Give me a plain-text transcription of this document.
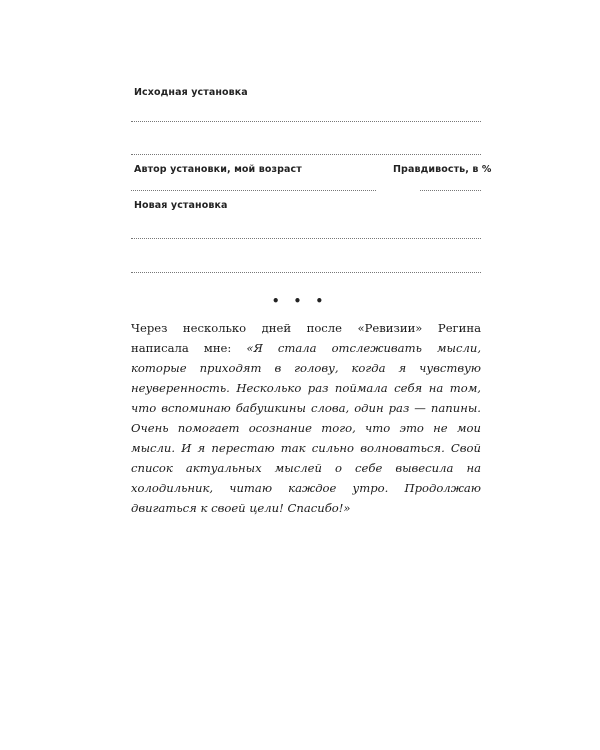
Исходная установка
Автор установки, мой возраст	Правдивость, в %
Новая установка
• • •

Через несколько дней после «Ревизии» Регина написала мне: «Я стала отслеживать мысли, которые приходят в голову, когда я чувствую неуверенность. Несколько раз поймала себя на том, что вспоминаю бабушкины слова, один раз — папины. Очень помогает осознание того, что это не мои мысли. И я перестаю так сильно волноваться. Свой список актуальных мыслей о себе вывесила на холодильник, читаю каждое утро. Продолжаю двигаться к своей цели! Спасибо!»
